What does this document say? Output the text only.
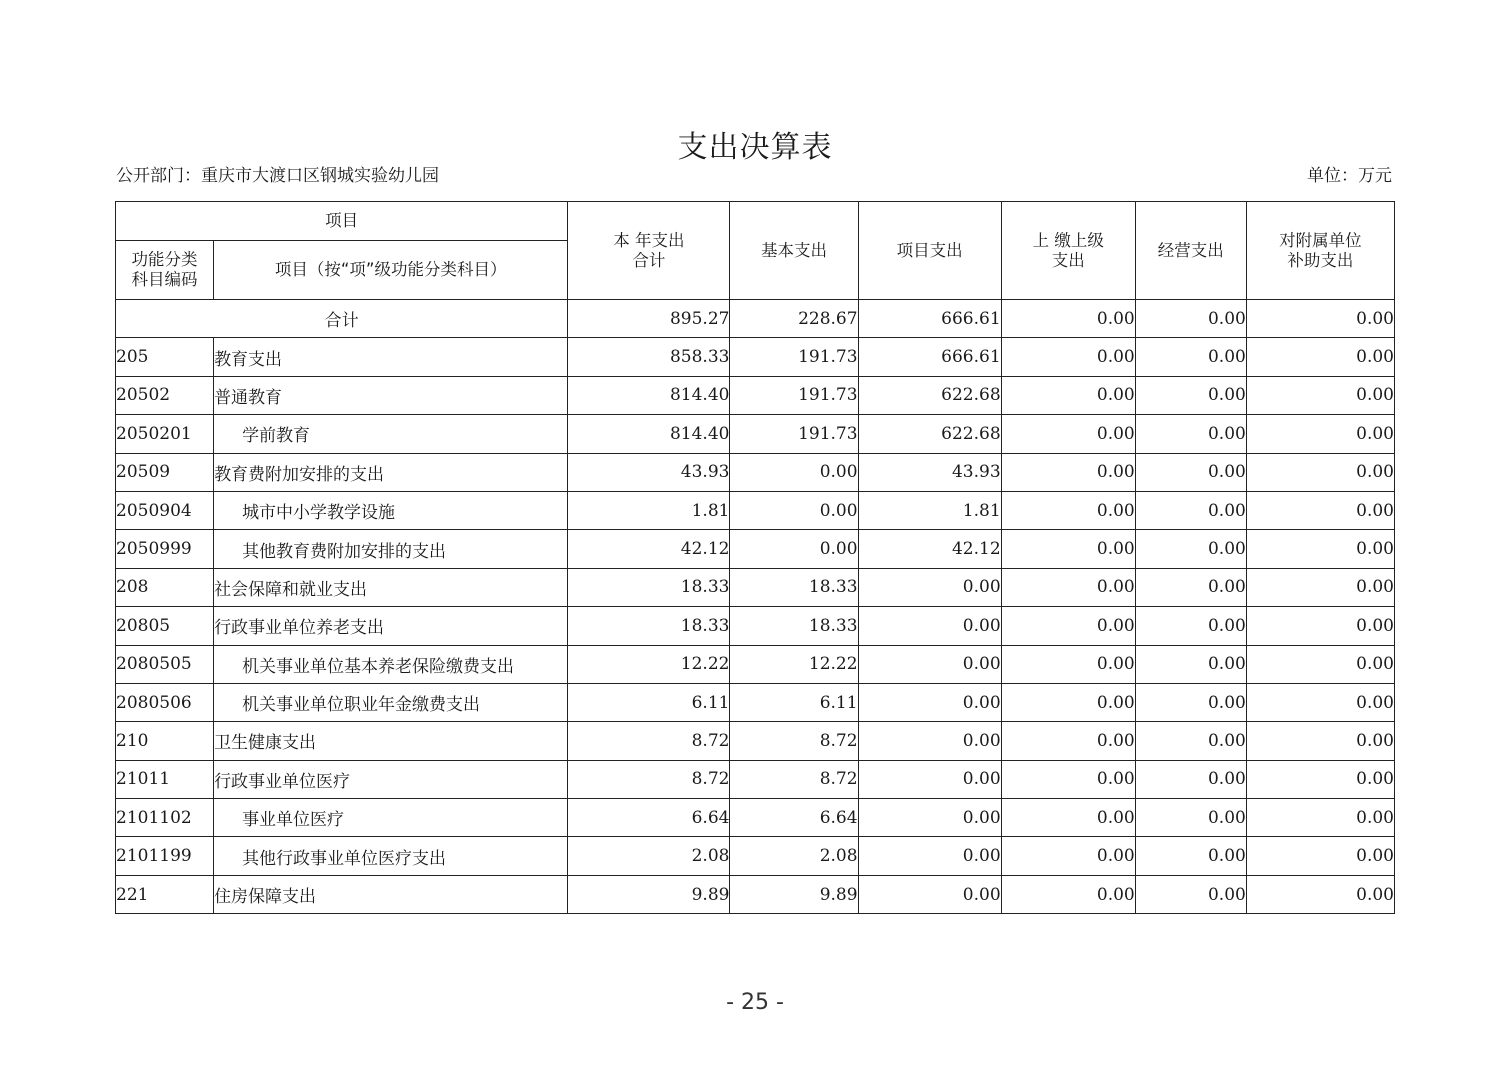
支出决算表
公开部门：重庆市大渡口区钢城实验幼儿园	单位：万元
项目		本 年支出合计	基本支出	项目支出	上 缴上级支出	经营支出	对附属单位补助支出
功能分类科目编码	项目（按“项”级功能分类科目）						
合计		895.27	228.67	666.61	0.00	0.00	0.00
205	教育支出	858.33	191.73	666.61	0.00	0.00	0.00
20502	普通教育	814.40	191.73	622.68	0.00	0.00	0.00
2050201	学前教育	814.40	191.73	622.68	0.00	0.00	0.00
20509	教育费附加安排的支出	43.93	0.00	43.93	0.00	0.00	0.00
2050904	城市中小学教学设施	1.81	0.00	1.81	0.00	0.00	0.00
2050999	其他教育费附加安排的支出	42.12	0.00	42.12	0.00	0.00	0.00
208	社会保障和就业支出	18.33	18.33	0.00	0.00	0.00	0.00
20805	行政事业单位养老支出	18.33	18.33	0.00	0.00	0.00	0.00
2080505	机关事业单位基本养老保险缴费支出	12.22	12.22	0.00	0.00	0.00	0.00
2080506	机关事业单位职业年金缴费支出	6.11	6.11	0.00	0.00	0.00	0.00
210	卫生健康支出	8.72	8.72	0.00	0.00	0.00	0.00
21011	行政事业单位医疗	8.72	8.72	0.00	0.00	0.00	0.00
2101102	事业单位医疗	6.64	6.64	0.00	0.00	0.00	0.00
2101199	其他行政事业单位医疗支出	2.08	2.08	0.00	0.00	0.00	0.00
221	住房保障支出	9.89	9.89	0.00	0.00	0.00	0.00
- 25 -
